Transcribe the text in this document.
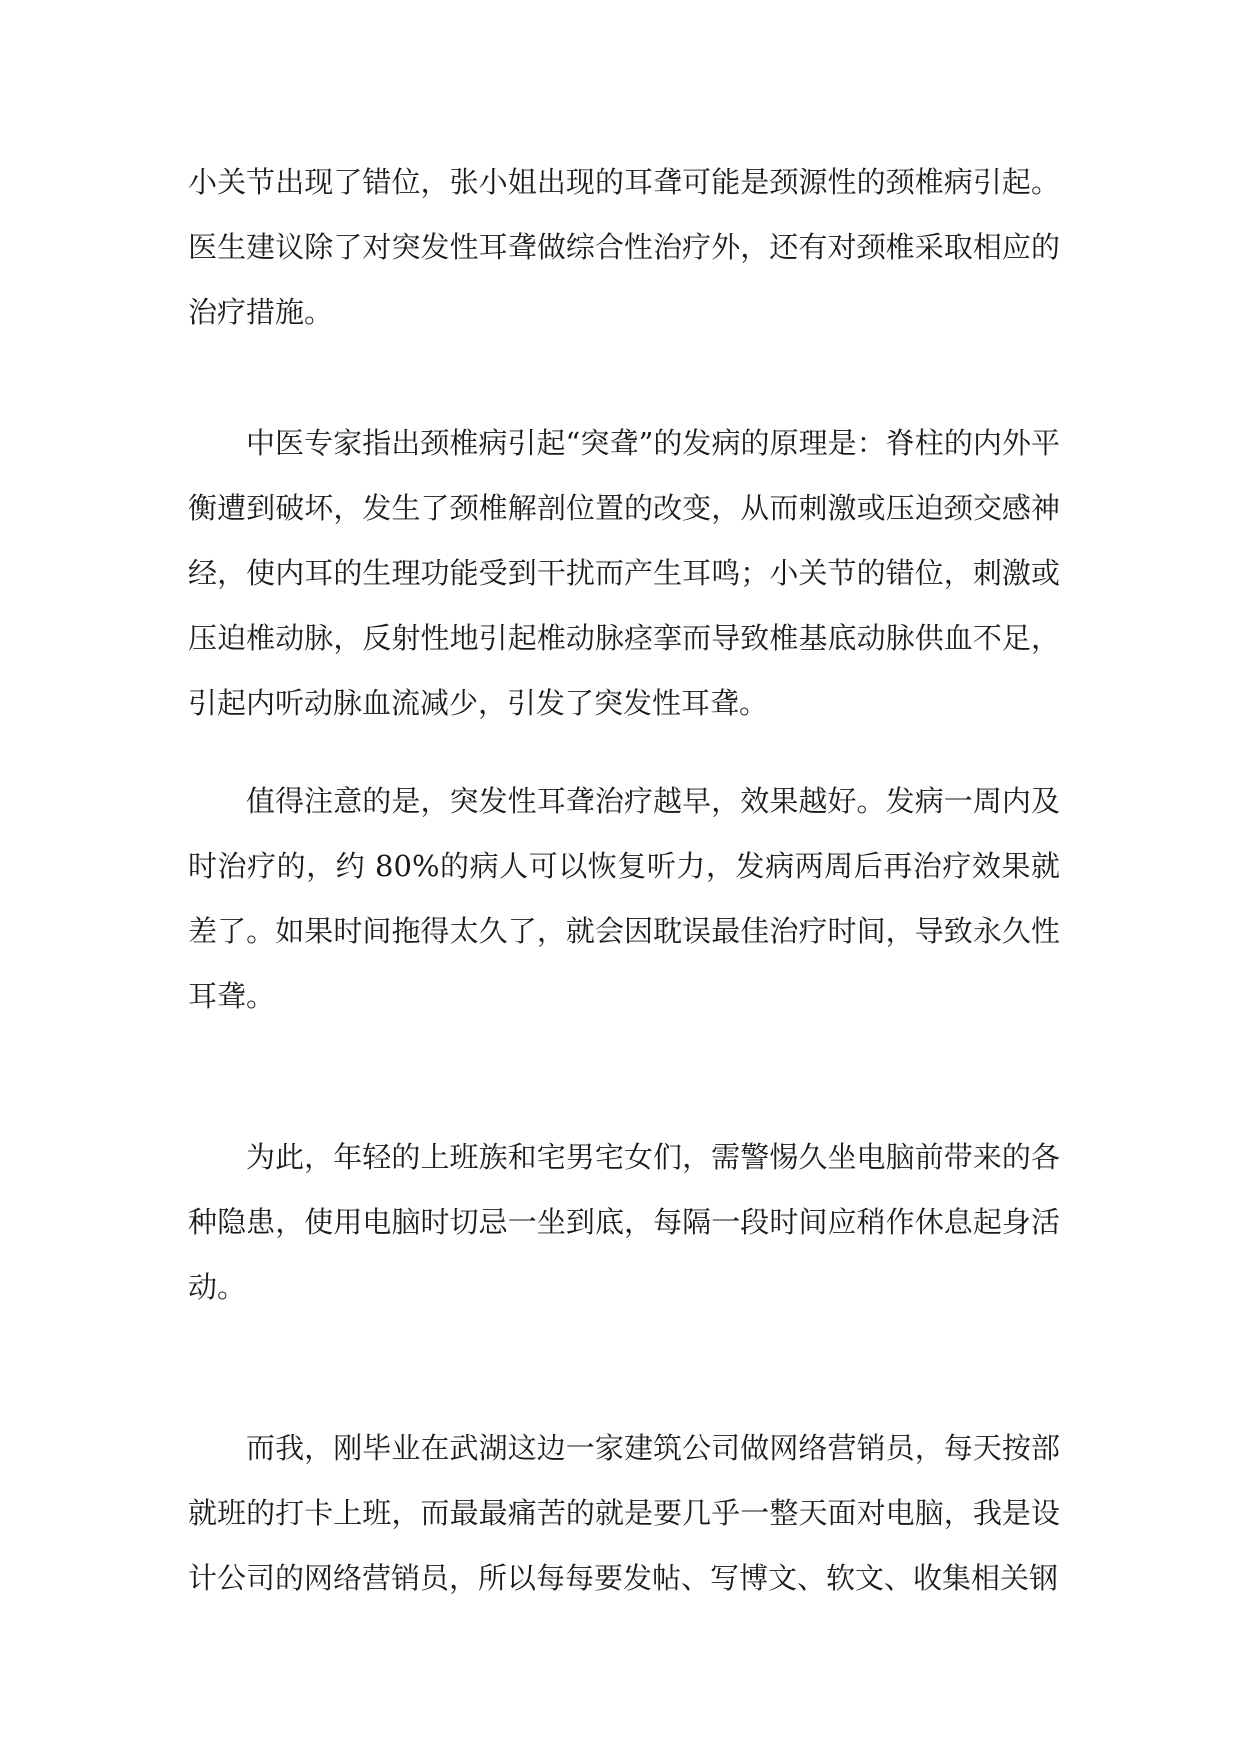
小关节出现了错位，张小姐出现的耳聋可能是颈源性的颈椎病引起。医生建议除了对突发性耳聋做综合性治疗外，还有对颈椎采取相应的治疗措施。

中医专家指出颈椎病引起“突聋”的发病的原理是：脊柱的内外平衡遭到破坏，发生了颈椎解剖位置的改变，从而刺激或压迫颈交感神经，使内耳的生理功能受到干扰而产生耳鸣；小关节的错位，刺激或压迫椎动脉，反射性地引起椎动脉痉挛而导致椎基底动脉供血不足，引起内听动脉血流减少，引发了突发性耳聋。

值得注意的是，突发性耳聋治疗越早，效果越好。发病一周内及时治疗的，约 80%的病人可以恢复听力，发病两周后再治疗效果就差了。如果时间拖得太久了，就会因耽误最佳治疗时间，导致永久性耳聋。

为此，年轻的上班族和宅男宅女们，需警惕久坐电脑前带来的各种隐患，使用电脑时切忌一坐到底，每隔一段时间应稍作休息起身活动。

而我，刚毕业在武湖这边一家建筑公司做网络营销员，每天按部就班的打卡上班，而最最痛苦的就是要几乎一整天面对电脑，我是设计公司的网络营销员，所以每每要发帖、写博文、软文、收集相关钢
